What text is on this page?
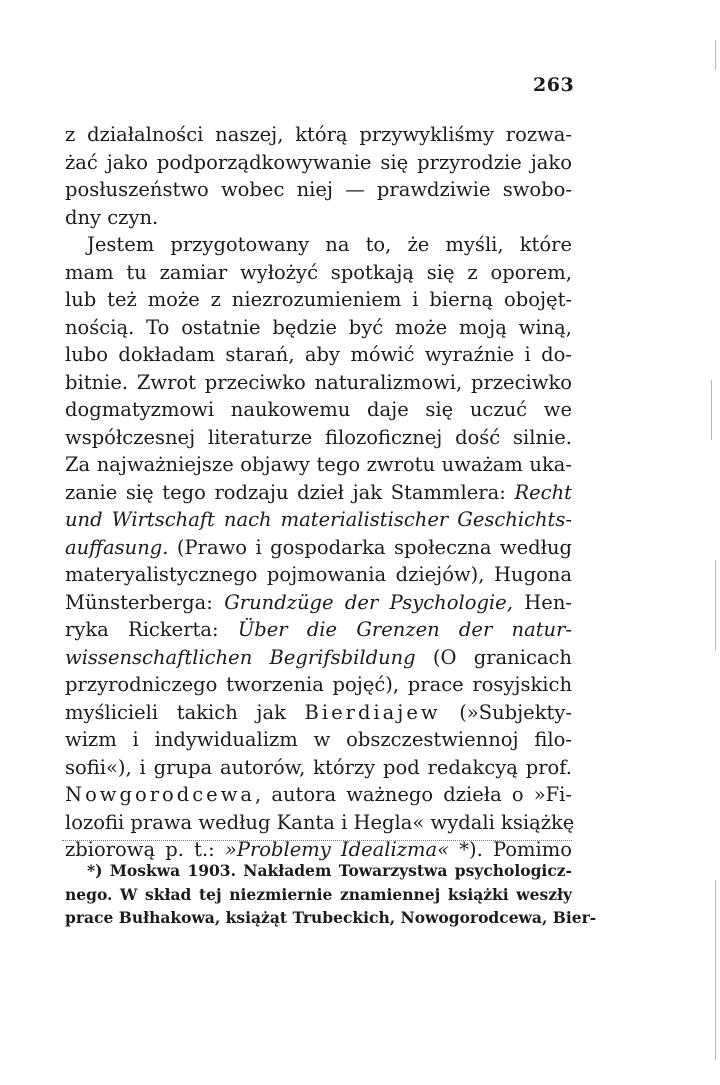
263
z działalności naszej, którą przywykliśmy rozwa-
żać jako podporządkowywanie się przyrodzie jako
posłuszeństwo wobec niej — prawdziwie swobo-
dny czyn.
Jestem przygotowany na to, że myśli, które
mam tu zamiar wyłożyć spotkają się z oporem,
lub też może z niezrozumieniem i bierną obojęt-
nością. To ostatnie będzie być może moją winą,
lubo dokładam starań, aby mówić wyraźnie i do-
bitnie. Zwrot przeciwko naturalizmowi, przeciwko
dogmatyzmowi naukowemu daje się uczuć we
współczesnej literaturze filozoficznej dość silnie.
Za najważniejsze objawy tego zwrotu uważam uka-
zanie się tego rodzaju dzieł jak Stammlera: Recht
und Wirtschaft nach materialistischer Geschichts-
auffasung. (Prawo i gospodarka społeczna według
materyalistycznego pojmowania dziejów), Hugona
Münsterberga: Grundzüge der Psychologie, Hen-
ryka Rickerta: Über die Grenzen der natur-
wissenschaftlichen Begrifsbildung (O granicach
przyrodniczego tworzenia pojęć), prace rosyjskich
myślicieli takich jak Bierdiajew (»Subjekty-
wizm i indywidualizm w obszczestwiennoj filo-
sofii«), i grupa autorów, którzy pod redakcyą prof.
Nowgorodcewa, autora ważnego dzieła o »Fi-
lozofii prawa według Kanta i Hegla« wydali książkę
zbiorową p. t.: »Problemy Idealizma« *). Pomimo
*) Moskwa 1903. Nakładem Towarzystwa psychologicz-
nego. W skład tej niezmiernie znamiennej książki weszły
prace Bułhakowa, książąt Trubeckich, Nowogorodcewa, Bier-
